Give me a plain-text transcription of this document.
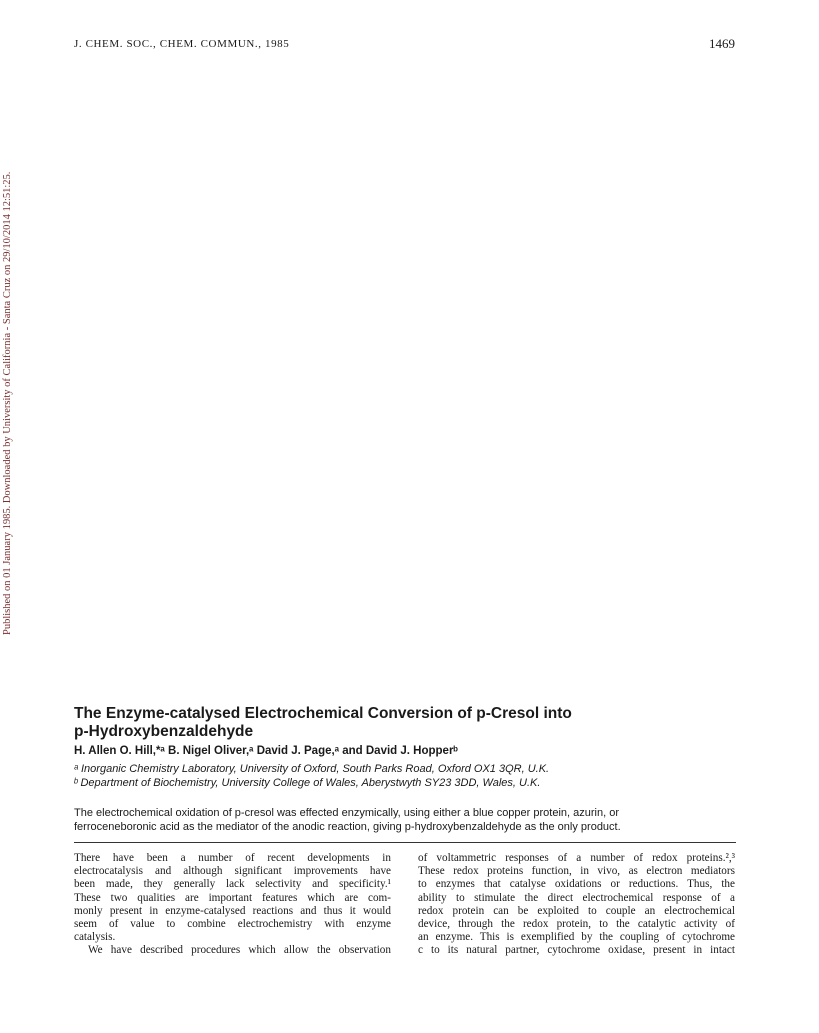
J. CHEM. SOC., CHEM. COMMUN., 1985	1469
Published on 01 January 1985. Downloaded by University of California - Santa Cruz on 29/10/2014 12:51:25.
The Enzyme-catalysed Electrochemical Conversion of p-Cresol into
p-Hydroxybenzaldehyde
H. Allen O. Hill,*ᵃ B. Nigel Oliver,ᵃ David J. Page,ᵃ and David J. Hopperᵇ
ᵃ Inorganic Chemistry Laboratory, University of Oxford, South Parks Road, Oxford OX1 3QR, U.K.
ᵇ Department of Biochemistry, University College of Wales, Aberystwyth SY23 3DD, Wales, U.K.

The electrochemical oxidation of p-cresol was effected enzymically, using either a blue copper protein, azurin, or
ferroceneboronic acid as the mediator of the anodic reaction, giving p-hydroxybenzaldehyde as the only product.

There have been a number of recent developments in
electrocatalysis and although significant improvements have
been made, they generally lack selectivity and specificity.¹
These two qualities are important features which are com-
monly present in enzyme-catalysed reactions and thus it would
seem of value to combine electrochemistry with enzyme
catalysis.
We have described procedures which allow the observation
of voltammetric responses of a number of redox proteins.²,³
These redox proteins function, in vivo, as electron mediators
to enzymes that catalyse oxidations or reductions. Thus, the
ability to stimulate the direct electrochemical response of a
redox protein can be exploited to couple an electrochemical
device, through the redox protein, to the catalytic activity of
an enzyme. This is exemplified by the coupling of cytochrome
c to its natural partner, cytochrome oxidase, present in intact
